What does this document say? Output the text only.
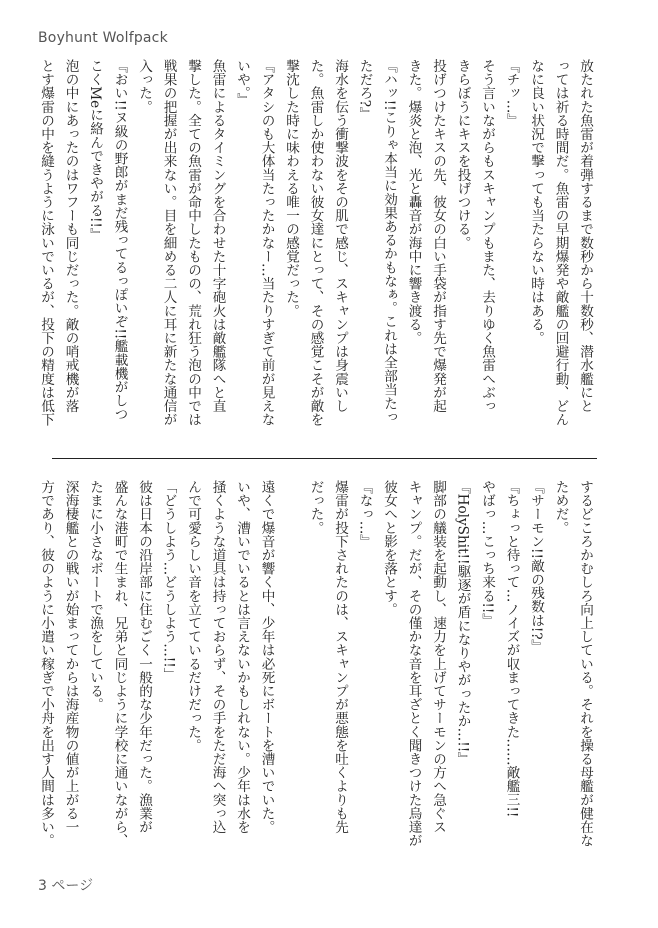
Boyhunt Wolfpack

放たれた魚雷が着弾するまで数秒から十数秒、潜水艦にと

っては祈る時間だ。魚雷の早期爆発や敵艦の回避行動、どん

なに良い状況で撃っても当たらない時はある。

『チッ…』

そう言いながらもスキャンプもまた、去りゆく魚雷へぶっ

きらぼうにキスを投げつける。

投げつけたキスの先、彼女の白い手袋が指す先で爆発が起

きた。爆炎と泡、光と轟音が海中に響き渡る。

『ハッ!!こりゃ本当に効果あるかもなぁ。これは全部当たっ

ただろ?』

海水を伝う衝撃波をその肌で感じ、スキャンプは身震いし

た。魚雷しか使わない彼女達にとって、その感覚こそが敵を

撃沈した時に味わえる唯一の感覚だった。

『アタシのも大体当たったかなー…当たりすぎて前が見えな

いや。』

魚雷によるタイミングを合わせた十字砲火は敵艦隊へと直

撃した。全ての魚雷が命中したものの、荒れ狂う泡の中では

戦果の把握が出来ない。目を細める二人に耳に新たな通信が

入った。

『おい!!ヌ級の野郎がまだ残ってるっぽいぞ!!艦載機がしつ

こくMeに絡んできやがる!!』

泡の中にあったのはワフーも同じだった。敵の哨戒機が落

とす爆雷の中を縫うように泳いでいるが、投下の精度は低下

するどころかむしろ向上している。それを操る母艦が健在な

ためだ。

『サーモン!!敵の残数は!?』

『ちょっと待って…ノイズが収まってきた……敵艦三!!

やばっ…こっち来る!!』

『HolyShit!!駆逐が盾になりやがったか…!!』

脚部の艤装を起動し、速力を上げてサーモンの方へ急ぐス

キャンプ。だが、その僅かな音を耳ざとく聞きつけた烏達が

彼女へと影を落とす。

『なっ…』

爆雷が投下されたのは、スキャンプが悪態を吐くよりも先

だった。

遠くで爆音が響く中、少年は必死にボートを漕いでいた。

いや、漕いでいるとは言えないかもしれない。少年は水を

掻くような道具は持っておらず、その手をただ海へ突っ込

んで可愛らしい音を立てているだけだった。

「どうしよう…どうしよう…!!」

彼は日本の沿岸部に住むごく一般的な少年だった。漁業が

盛んな港町で生まれ、兄弟と同じように学校に通いながら、

たまに小さなボートで漁をしている。

深海棲艦との戦いが始まってからは海産物の値が上がる一

方であり、彼のように小遣い稼ぎで小舟を出す人間は多い。

3 ページ
